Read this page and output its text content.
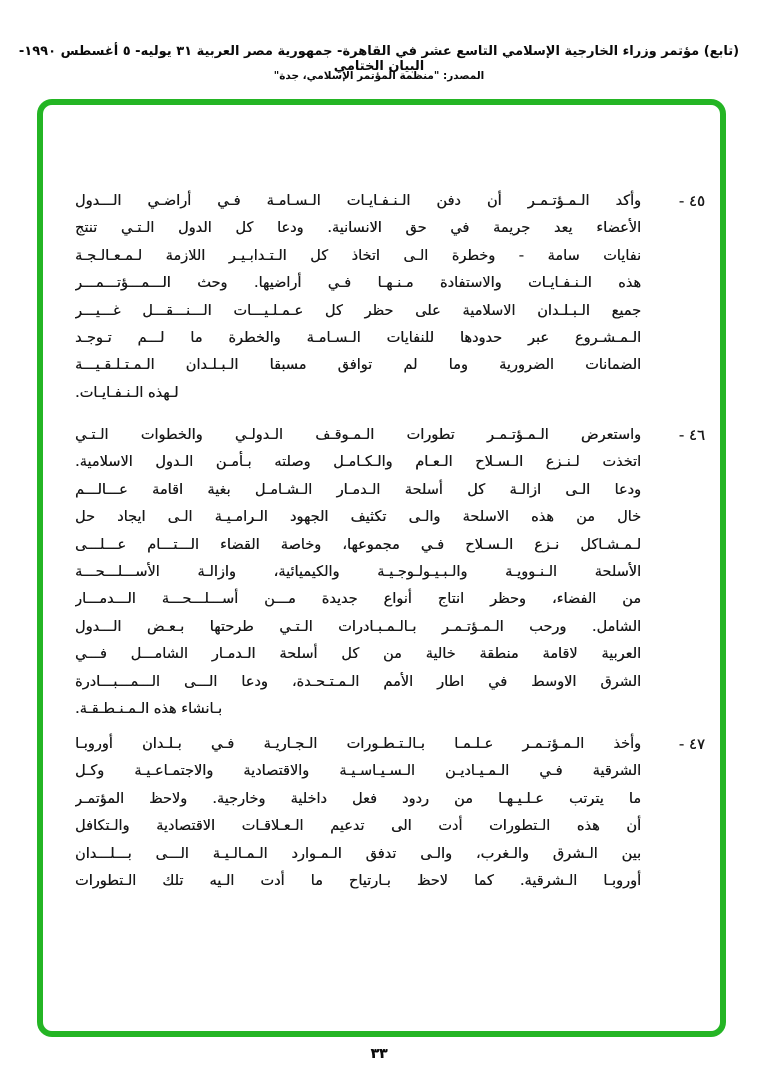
(تابع) مؤتمر وزراء الخارجية الإسلامي التاسع عشر في القاهرة- جمهورية مصر العربية ٣١ يوليه- ٥ أغسطس ١٩٩٠- البيان الختامي
المصدر: "منظمة المؤتمر الإسلامي، جدة"
٤٥ -
وأكد الـمـؤتـمـر أن دفن الـنـفـايـات الـسـامـة فـي أراضـي الـــدول
الأعضاء يعد جريمة في حق الانسانية. ودعا كل الدول الـتـي تنتج
نفايات سامة - وخطرة الـى اتخاذ كل الـتـدابـيـر اللازمة لـمـعـالـجـة
هذه الـنـفـايـات والاستفادة مـنـهـا فـي أراضيها. وحث الـــمـــؤتـــمـــر
جميع الـبـلـدان الاسلامية على حظر كل عـمـلـيـــات الـــنـــقـــل غـــيـــر
الـمـشـروع عبر حدودها للنفايات الـسـامـة والخطرة ما لـــم تـوجـد
الضمانات الضرورية وما لم توافق مسبقا الـبـلـدان الـمـتـلـقـيـــة
لـهذه الـنـفـايـات.
٤٦ -
واستعرض الـمـؤتـمـر تطورات الـمـوقـف الـدولـي والخطوات الـتـي
اتخذت لـنـزع الـسـلاح الـعـام والـكـامـل وصلته بـأمـن الـدول الاسلامية.
ودعا الـى ازالـة كل أسلحة الـدمـار الـشـامـل بغية اقامة عـــالـــم
خال من هذه الاسلحة والـى تكثيف الجهود الـرامـيـة الـى ايجاد حل
لـمـشـاكل نـزع الـسـلاح فـي مجموعها، وخاصة القضاء الـــتـــام عـــلـــى
الأسلحة الـنـوويـة والـبـيـولـوجـيـة والكيميائية، وازالـة الأســـلـــحـــة
من الفضاء، وحظر انتاج أنواع جديدة مـــن أســـلـــحـــة الـــدمـــار
الشامل. ورحب الـمـؤتـمـر بـالـمـبـادرات الـتـي طرحتها بـعـض الـــدول
العربية لاقامة منطقة خالية من كل أسلحة الـدمـار الشامـــل فـــي
الشرق الاوسط في اطار الأمم الـمـتـحـدة، ودعا الـــى الـــمـــبـــادرة
بـانشاء هذه الـمـنـطـقـة.
٤٧ -
وأخذ الـمـؤتـمـر عـلـمـا بـالـتـطـورات الـجـاريـة فـي بـلـدان أوروبـا
الشرقية فـي الـمـيـاديـن الـسـيـاسـيـة والاقتصادية والاجتمـاعـيـة وكـل
ما يترتب عـلـيـهـا من ردود فعل داخلية وخارجية. ولاحظ المؤتمـر
أن هذه الـتطورات أدت الى تدعيم الـعـلاقـات الاقتصادية والـتكافل
بين الـشرق والـغرب، والـى تدفق الـمـوارد الـمـالـيـة الـــى بـــلـــدان
أوروبـا الـشرقية. كما لاحظ بـارتياح ما أدت الـيه تلك الـتطورات
٣٣
